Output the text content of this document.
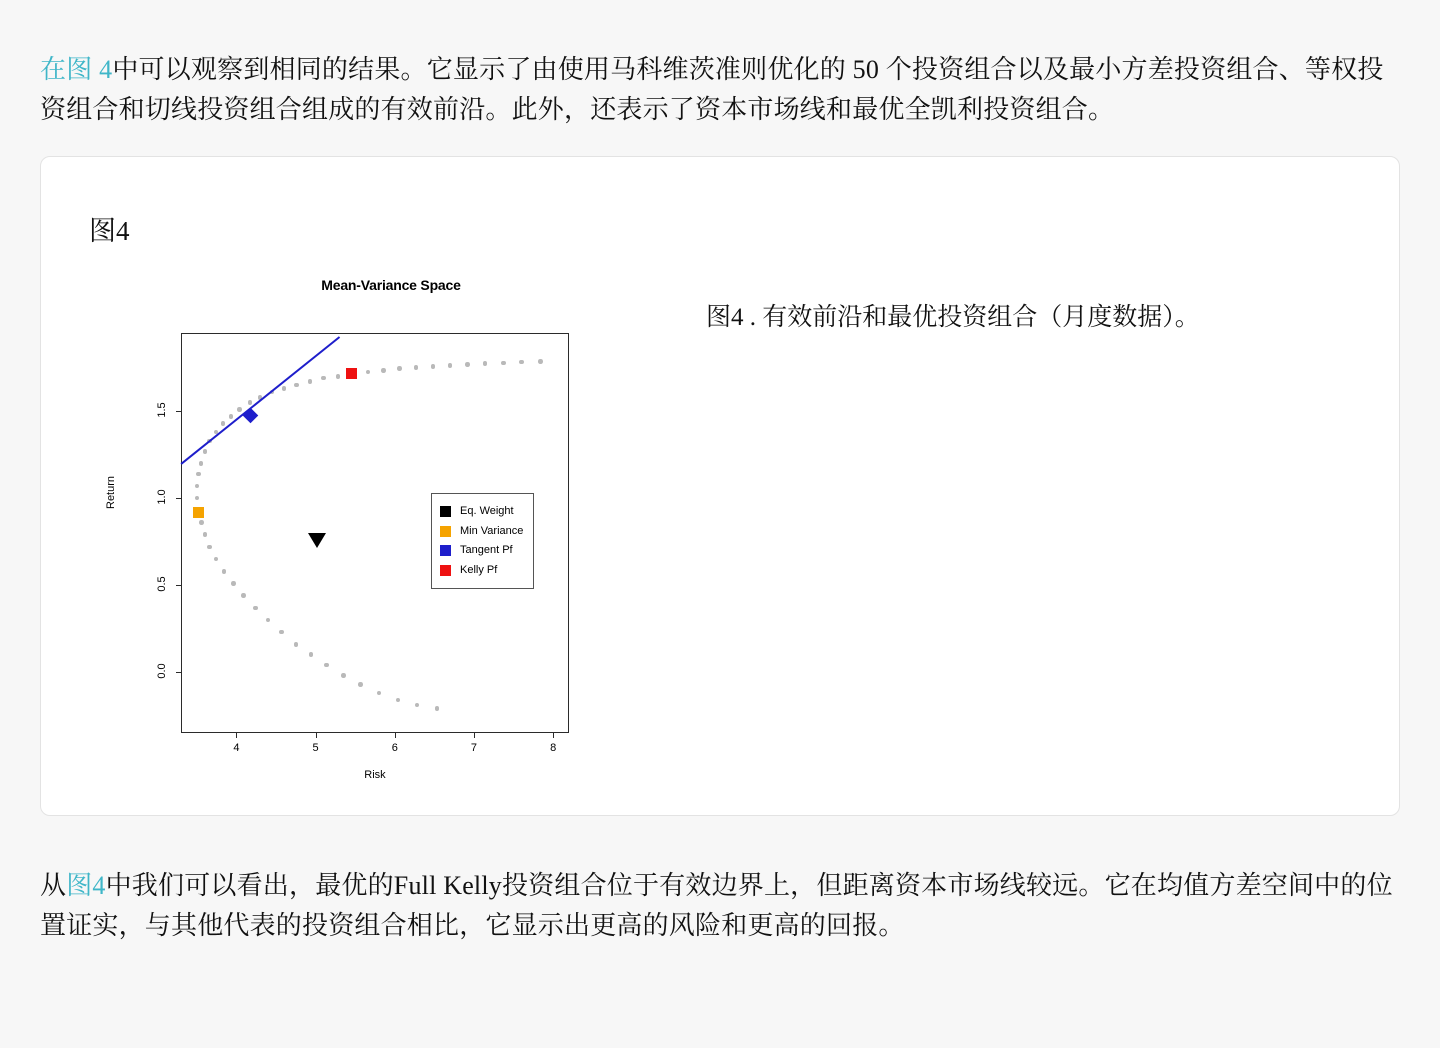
在图 4中可以观察到相同的结果。它显示了由使用马科维茨准则优化的 50 个投资组合以及最小方差投资组合、等权投资组合和切线投资组合组成的有效前沿。此外，还表示了资本市场线和最优全凯利投资组合。

图4
图4 . 有效前沿和最优投资组合（月度数据）。
Mean-Variance Space
Return
Risk
4	5	6	7	8
0.0
0.5
1.0
1.5
Eq. Weight
Min Variance
Tangent Pf
Kelly Pf

从图4中我们可以看出，最优的Full Kelly投资组合位于有效边界上，但距离资本市场线较远。它在均值方差空间中的位置证实，与其他代表的投资组合相比，它显示出更高的风险和更高的回报。
